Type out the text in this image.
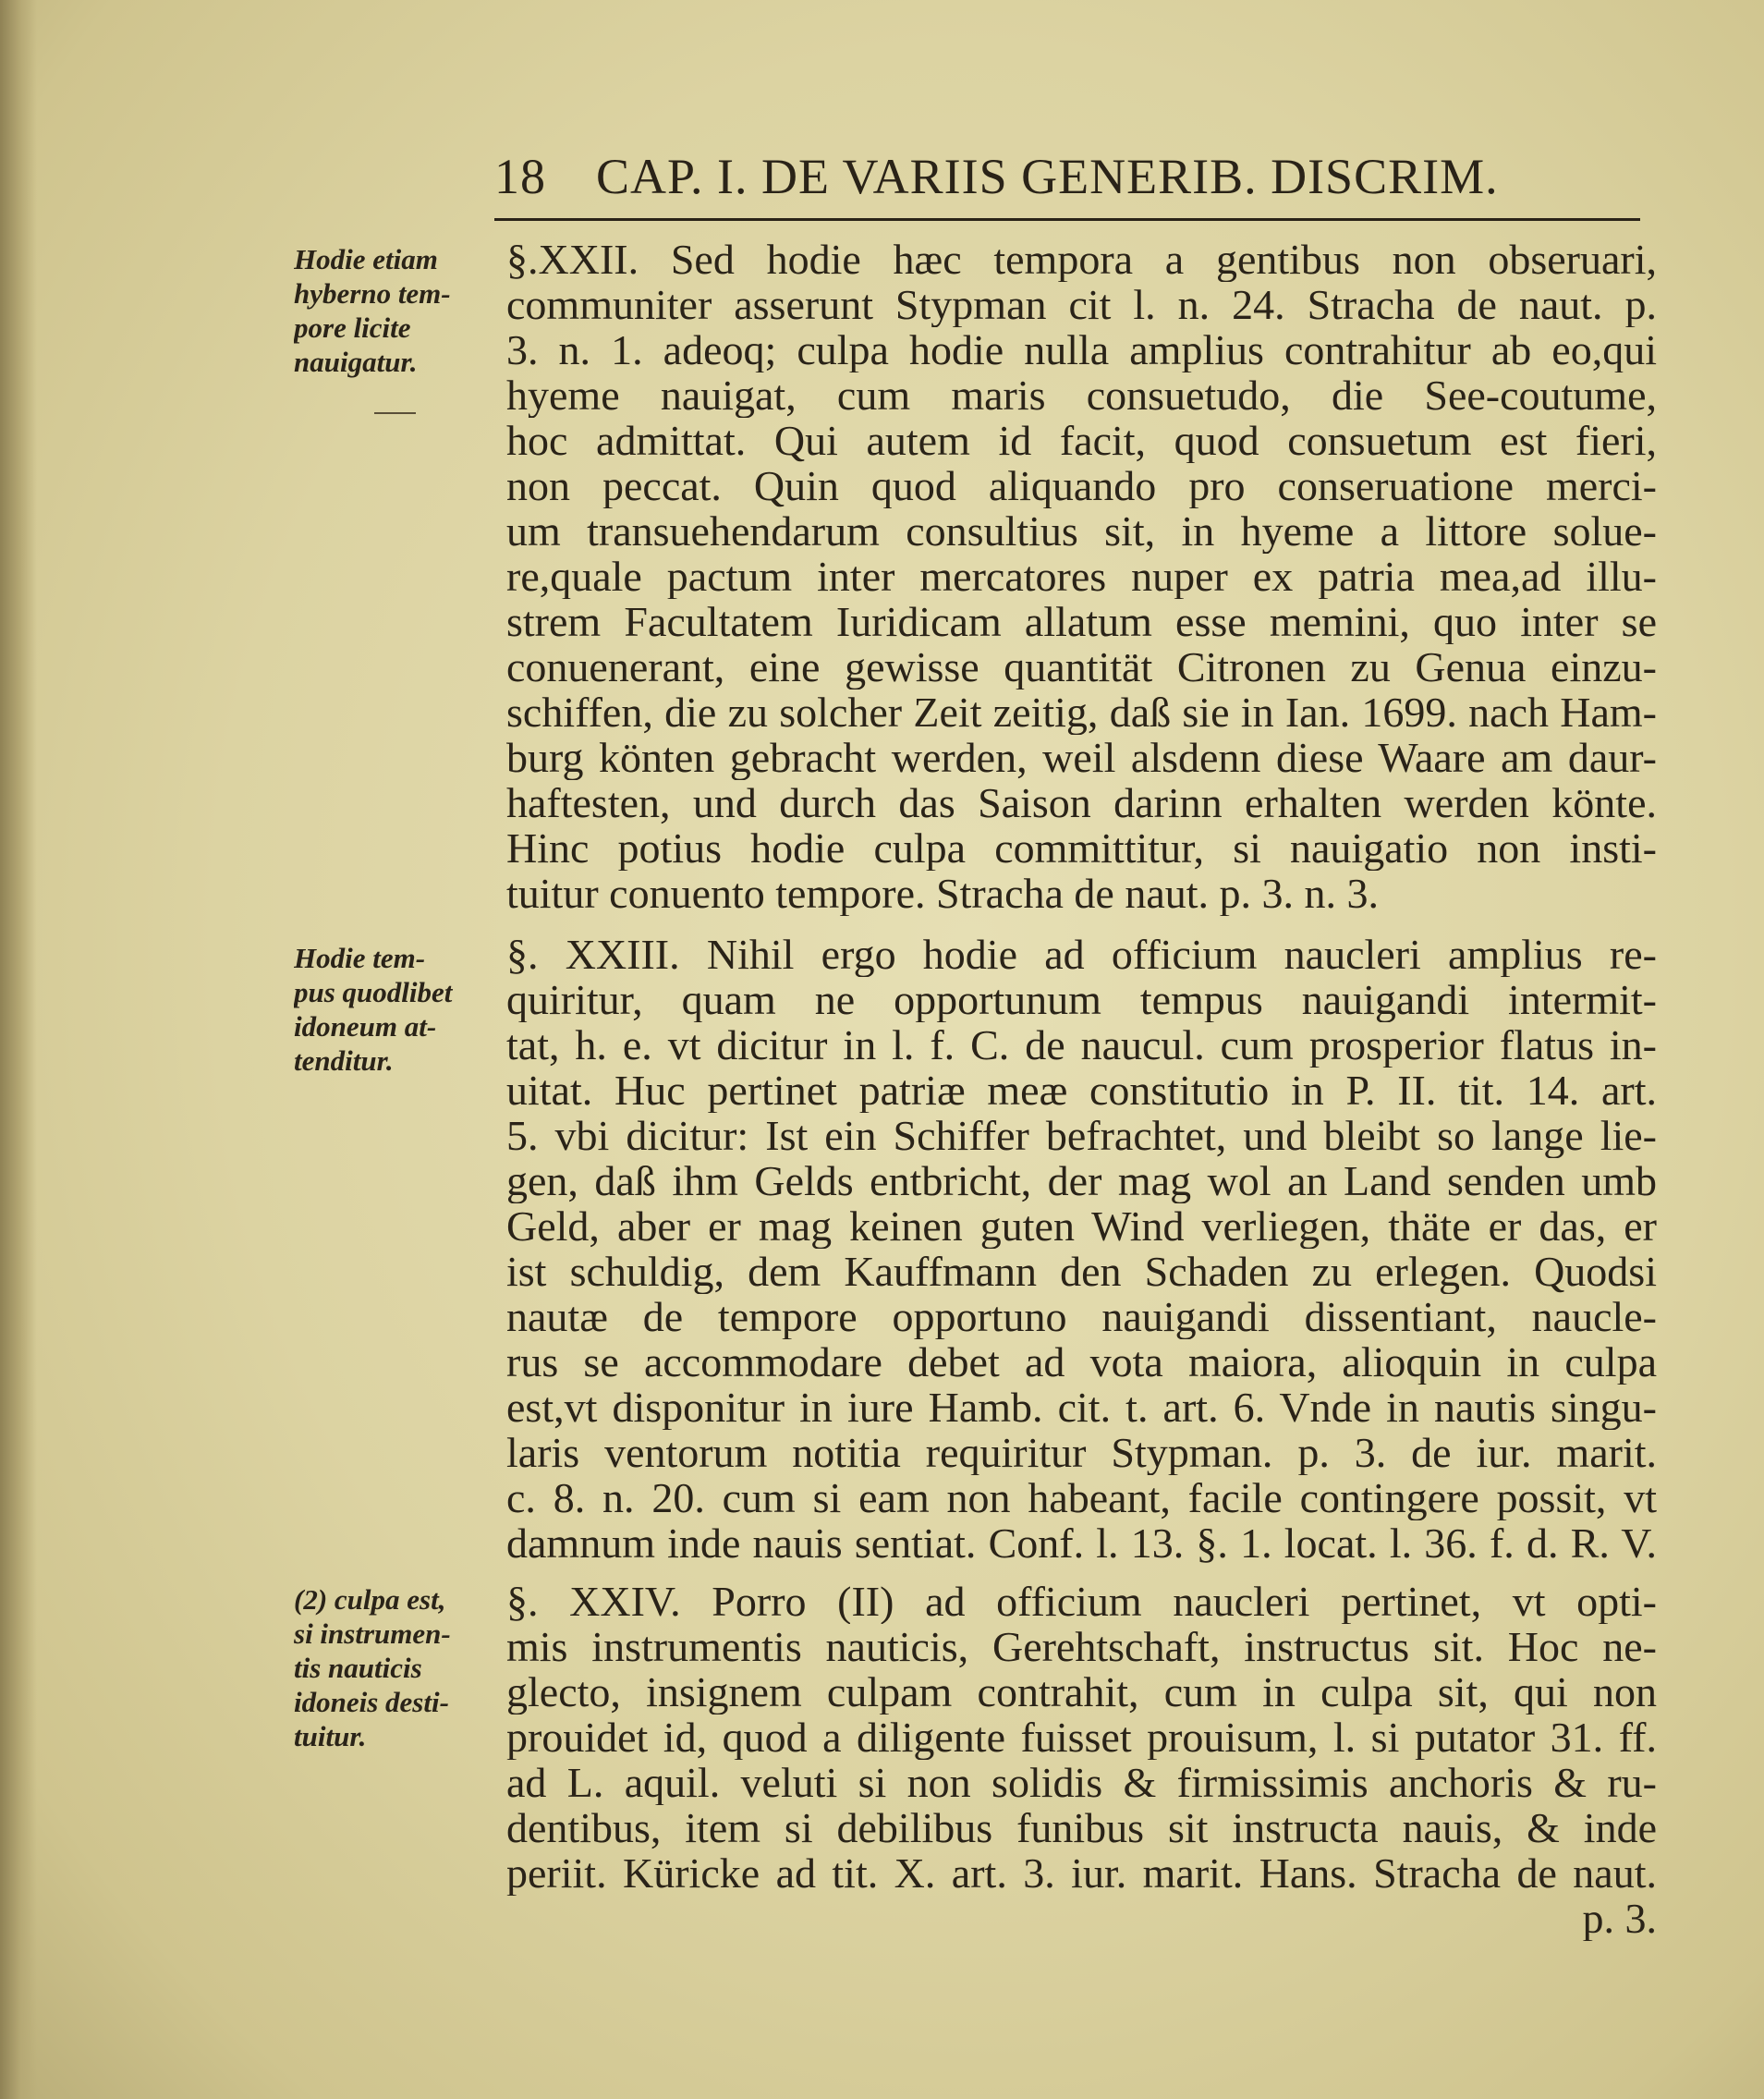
18 CAP. I. DE VARIIS GENERIB. DISCRIM.
Hodie etiam
hyberno tem-
pore licite
nauigatur.
Hodie tem-
pus quodlibet
idoneum at-
tenditur.
(2) culpa est,
si instrumen-
tis nauticis
idoneis desti-
tuitur.
§.XXII. Sed hodie hæc tempora a gentibus non obseruari,
communiter asserunt Stypman cit l. n. 24. Stracha de naut. p.
3. n. 1. adeoq; culpa hodie nulla amplius contrahitur ab eo,qui
hyeme nauigat, cum maris consuetudo, die See-coutume,
hoc admittat. Qui autem id facit, quod consuetum est fieri,
non peccat. Quin quod aliquando pro conseruatione merci-
um transuehendarum consultius sit, in hyeme a littore solue-
re,quale pactum inter mercatores nuper ex patria mea,ad illu-
strem Facultatem Iuridicam allatum esse memini, quo inter se
conuenerant, eine gewisse quantität Citronen zu Genua einzu-
schiffen, die zu solcher Zeit zeitig, daß sie in Ian. 1699. nach Ham-
burg könten gebracht werden, weil alsdenn diese Waare am daur-
haftesten, und durch das Saison darinn erhalten werden könte.
Hinc potius hodie culpa committitur, si nauigatio non insti-
tuitur conuento tempore. Stracha de naut. p. 3. n. 3.
§. XXIII. Nihil ergo hodie ad officium naucleri amplius re-
quiritur, quam ne opportunum tempus nauigandi intermit-
tat, h. e. vt dicitur in l. f. C. de naucul. cum prosperior flatus in-
uitat. Huc pertinet patriæ meæ constitutio in P. II. tit. 14. art.
5. vbi dicitur: Ist ein Schiffer befrachtet, und bleibt so lange lie-
gen, daß ihm Gelds entbricht, der mag wol an Land senden umb
Geld, aber er mag keinen guten Wind verliegen, thäte er das, er
ist schuldig, dem Kauffmann den Schaden zu erlegen. Quodsi
nautæ de tempore opportuno nauigandi dissentiant, naucle-
rus se accommodare debet ad vota maiora, alioquin in culpa
est,vt disponitur in iure Hamb. cit. t. art. 6. Vnde in nautis singu-
laris ventorum notitia requiritur Stypman. p. 3. de iur. marit.
c. 8. n. 20. cum si eam non habeant, facile contingere possit, vt
damnum inde nauis sentiat. Conf. l. 13. §. 1. locat. l. 36. f. d. R. V.
§. XXIV. Porro (II) ad officium naucleri pertinet, vt opti-
mis instrumentis nauticis, Gerehtschaft, instructus sit. Hoc ne-
glecto, insignem culpam contrahit, cum in culpa sit, qui non
prouidet id, quod a diligente fuisset prouisum, l. si putator 31. ff.
ad L. aquil. veluti si non solidis & firmissimis anchoris & ru-
dentibus, item si debilibus funibus sit instructa nauis, & inde
periit. Küricke ad tit. X. art. 3. iur. marit. Hans. Stracha de naut.
p. 3.
